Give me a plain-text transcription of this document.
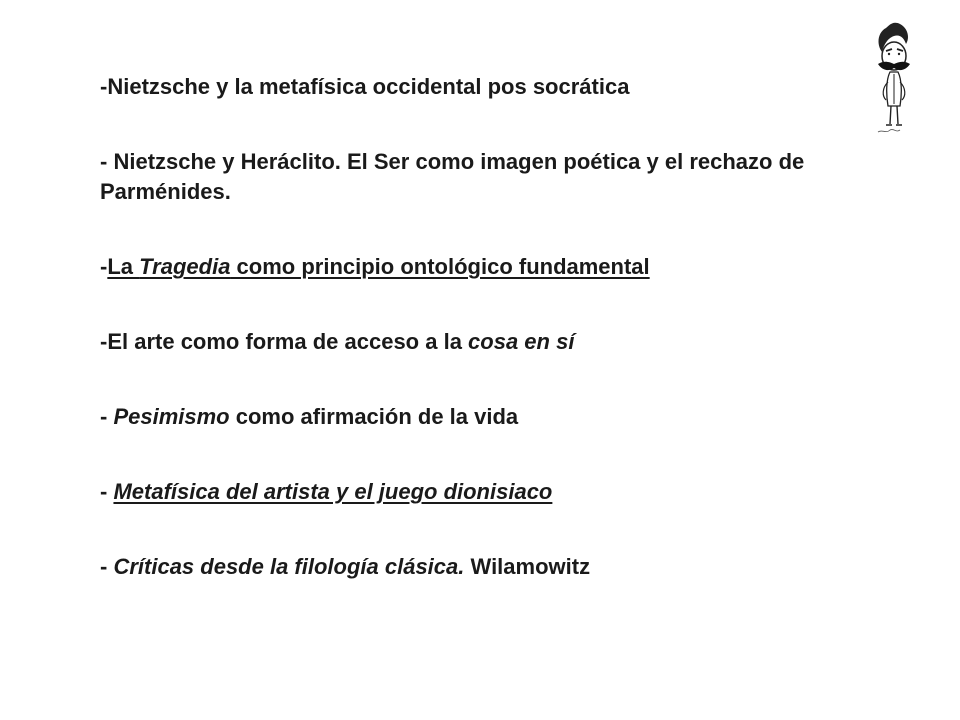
-Nietzsche y la metafísica occidental pos socrática

- Nietzsche y Heráclito. El Ser como imagen poética y el rechazo de Parménides.

-La Tragedia como principio ontológico fundamental

-El arte como forma de acceso a la cosa en sí

- Pesimismo como afirmación de la vida

- Metafísica del artista y el juego dionisiaco

- Críticas desde la filología clásica. Wilamowitz
